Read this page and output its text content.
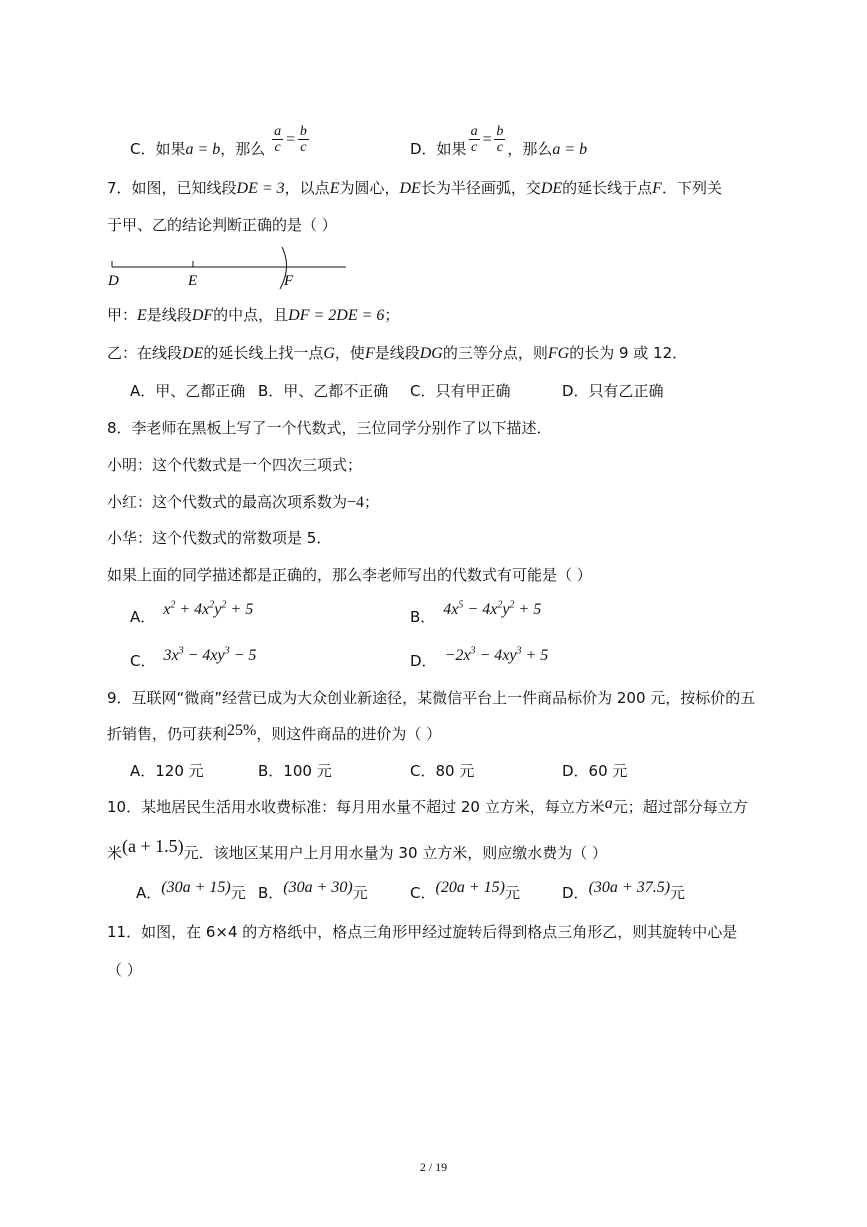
C．如果a = b，那么 $\frac{a}{c} = \frac{b}{c}$	D．如果 $\frac{a}{c} = \frac{b}{c}$ ，那么a = b
7．如图，已知线段DE = 3，以点E为圆心，DE长为半径画弧，交DE的延长线于点F．下列关
于甲、乙的结论判断正确的是（ ）
D	E	F
甲：E是线段DF的中点，且DF = 2DE = 6；
乙：在线段DE的延长线上找一点G，使F是线段DG的三等分点，则FG的长为 9 或 12．
A．甲、乙都正确 B．甲、乙都不正确 C．只有甲正确	D．只有乙正确
8．李老师在黑板上写了一个代数式，三位同学分别作了以下描述．
小明：这个代数式是一个四次三项式；
小红：这个代数式的最高次项系数为−4；
小华：这个代数式的常数项是 5．
如果上面的同学描述都是正确的，那么李老师写出的代数式有可能是（ ）
A． $x^2 + 4x^2y^2 + 5$	B． $4x^5 - 4x^2y^2 + 5$
C． $3x^3 - 4xy^3 - 5$	D． $-2x^3 - 4xy^3 + 5$
9．互联网“微商”经营已成为大众创业新途径，某微信平台上一件商品标价为 200 元，按标价的五
折销售，仍可获利25%，则这件商品的进价为（ ）
A．120 元	B．100 元	C．80 元	D．60 元
10．某地居民生活用水收费标准：每月用水量不超过 20 立方米，每立方米a元；超过部分每立方
米(a + 1.5)元．该地区某用户上月用水量为 30 立方米，则应缴水费为（ ）
A．(30a + 15)元 B．(30a + 30)元	C．(20a + 15)元	D．(30a + 37.5)元
11．如图，在 6×4 的方格纸中，格点三角形甲经过旋转后得到格点三角形乙，则其旋转中心是
（ ）
2 / 19
